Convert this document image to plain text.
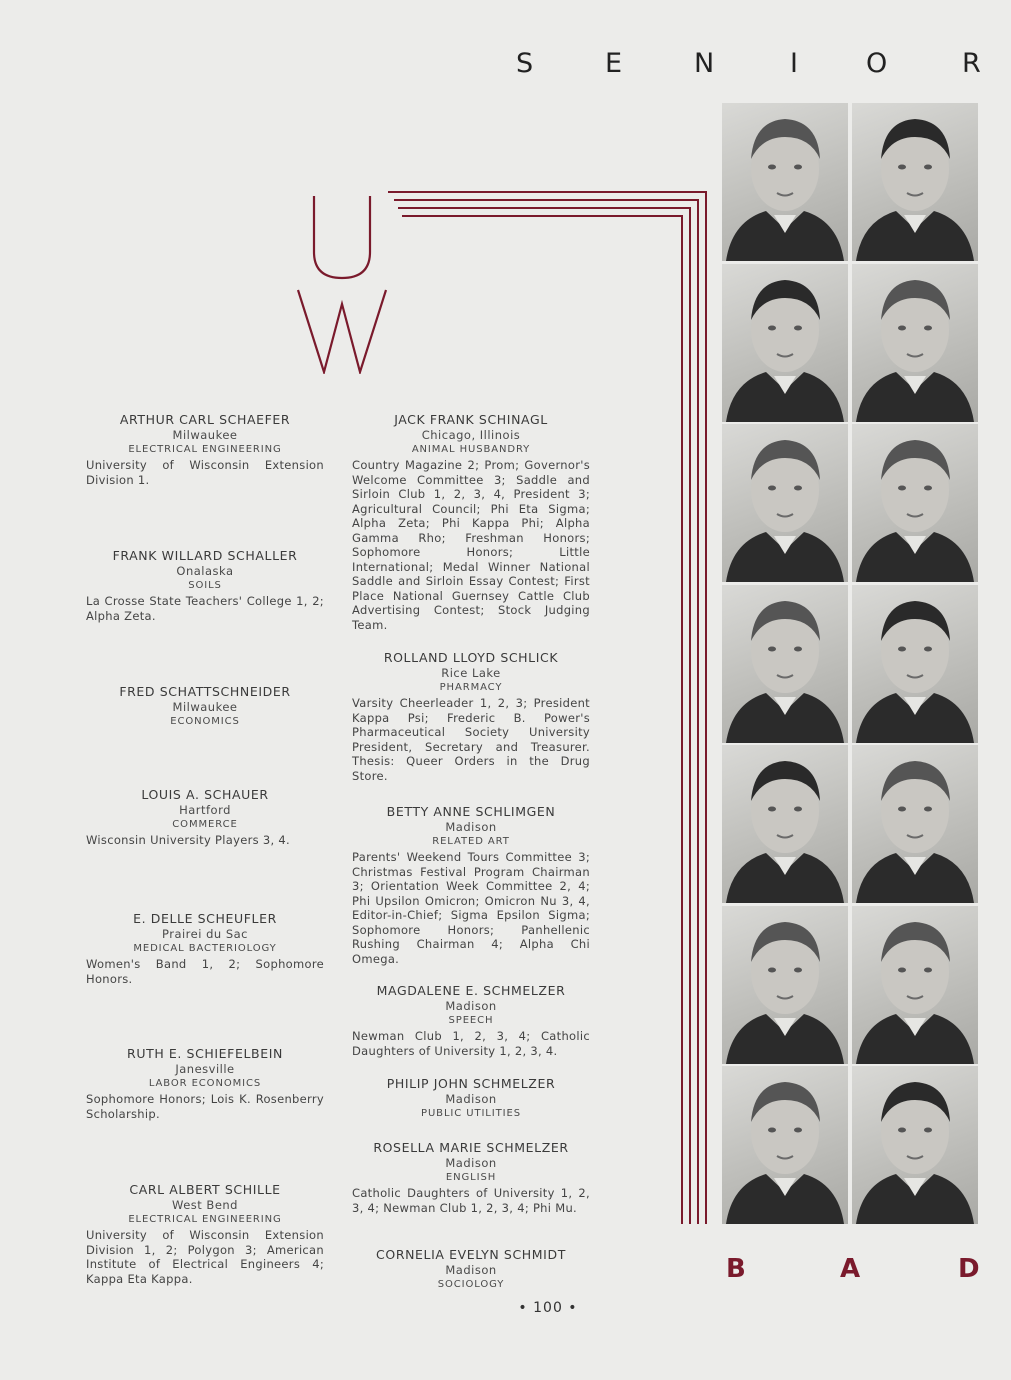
S	E	N	I	O	R
ARTHUR CARL SCHAEFER
Milwaukee
ELECTRICAL ENGINEERING
University of Wisconsin Extension Division 1.
FRANK WILLARD SCHALLER
Onalaska
SOILS
La Crosse State Teachers' College 1, 2; Alpha Zeta.
FRED SCHATTSCHNEIDER
Milwaukee
ECONOMICS
LOUIS A. SCHAUER
Hartford
COMMERCE
Wisconsin University Players 3, 4.
E. DELLE SCHEUFLER
Prairei du Sac
MEDICAL BACTERIOLOGY
Women's Band 1, 2; Sophomore Honors.
RUTH E. SCHIEFELBEIN
Janesville
LABOR ECONOMICS
Sophomore Honors; Lois K. Rosenberry Scholarship.
CARL ALBERT SCHILLE
West Bend
ELECTRICAL ENGINEERING
University of Wisconsin Extension Division 1, 2; Polygon 3; American Institute of Electrical Engineers 4; Kappa Eta Kappa.
JACK FRANK SCHINAGL
Chicago, Illinois
ANIMAL HUSBANDRY
Country Magazine 2; Prom; Governor's Welcome Committee 3; Saddle and Sirloin Club 1, 2, 3, 4, President 3; Agricultural Council; Phi Eta Sigma; Alpha Zeta; Phi Kappa Phi; Alpha Gamma Rho; Freshman Honors; Sophomore Honors; Little International; Medal Winner National Saddle and Sirloin Essay Contest; First Place National Guernsey Cattle Club Advertising Contest; Stock Judging Team.
ROLLAND LLOYD SCHLICK
Rice Lake
PHARMACY
Varsity Cheerleader 1, 2, 3; President Kappa Psi; Frederic B. Power's Pharmaceutical Society University President, Secretary and Treasurer. Thesis: Queer Orders in the Drug Store.
BETTY ANNE SCHLIMGEN
Madison
RELATED ART
Parents' Weekend Tours Committee 3; Christmas Festival Program Chairman 3; Orientation Week Committee 2, 4; Phi Upsilon Omicron; Omicron Nu 3, 4, Editor-in-Chief; Sigma Epsilon Sigma; Sophomore Honors; Panhellenic Rushing Chairman 4; Alpha Chi Omega.
MAGDALENE E. SCHMELZER
Madison
SPEECH
Newman Club 1, 2, 3, 4; Catholic Daughters of University 1, 2, 3, 4.
PHILIP JOHN SCHMELZER
Madison
PUBLIC UTILITIES
ROSELLA MARIE SCHMELZER
Madison
ENGLISH
Catholic Daughters of University 1, 2, 3, 4; Newman Club 1, 2, 3, 4; Phi Mu.
CORNELIA EVELYN SCHMIDT
Madison
SOCIOLOGY
B	A	D
• 100 •
